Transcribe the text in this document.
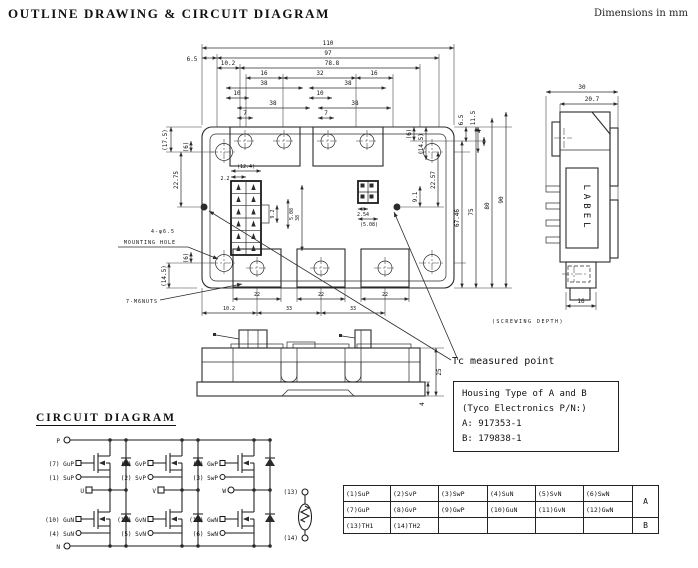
110
6.5
97
10.2	78.8
16	32	16
38	38
10	10
38	38
7	7
(17.5) (6)
22.75
(14.5)
(6)
(6) (14.5)
6.5 11.5
4
22.57
9.1
67.46 75
80
90
(12.4)
2.2
9.2	5.08 38	2.54
(5.08)
22	22	22
10.2	33	33
4-φ6.5
MOUNTING HOLE
7-M6NUTS
25
4
LABEL
30
20.7
16
(SCREWING DEPTH)
P
N
(7) GuP
(1) SuP
(8) GvP
(2) SvP
(9) GwP
(3) SwP
(10) GuN
(4) SuN
(11) GvN
(5) SvN
(12) GwN
(6) SwN
U	V	W	(13)
(14)
OUTLINE DRAWING & CIRCUIT DIAGRAM	Dimensions in mm
Tc measured point
Housing Type of A and B
(Tyco Electronics P/N:)
A: 917353-1
B: 179838-1
CIRCUIT DIAGRAM
(1)SuP	(2)SvP	(3)SwP	(4)SuN	(5)SvN	(6)SwN	A
(7)GuP	(8)GvP	(9)GwP	(10)GuN	(11)GvN	(12)GwN	
(13)TH1	(14)TH2					B
